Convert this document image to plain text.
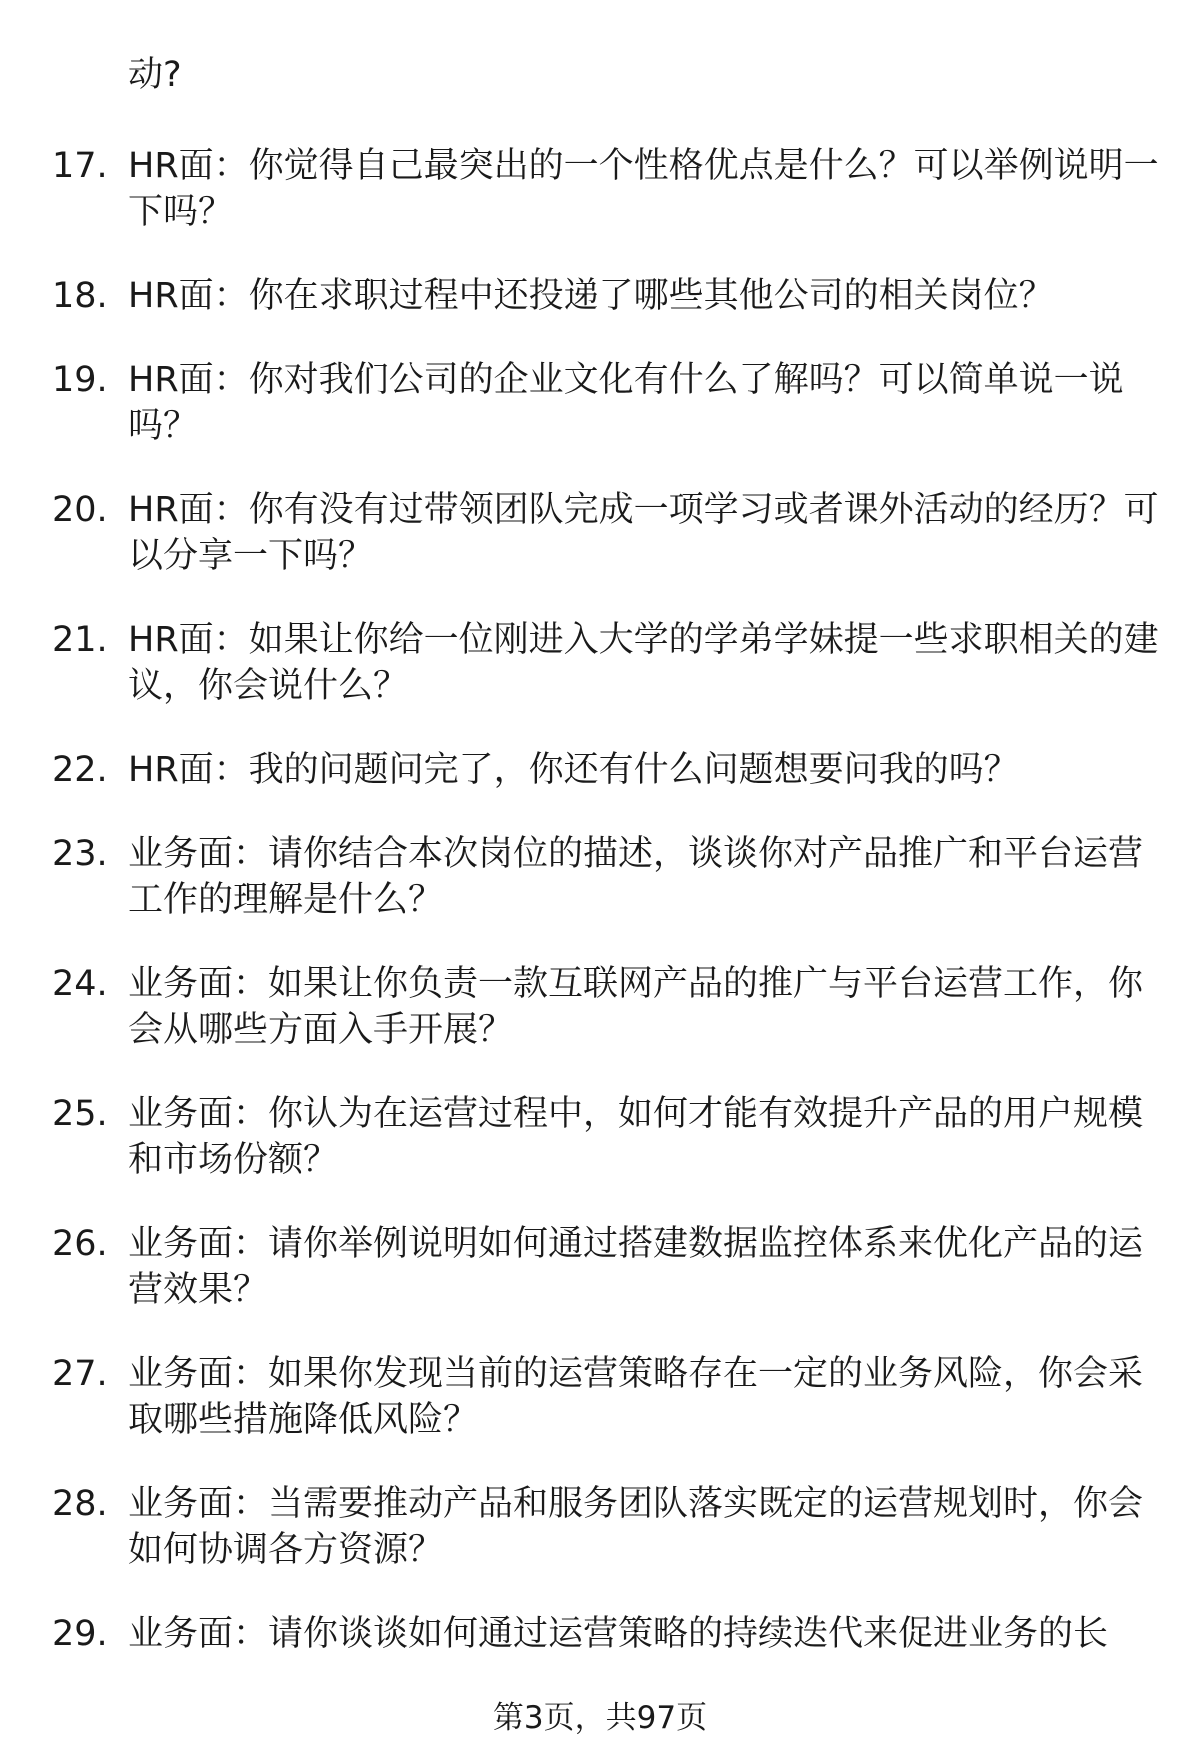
动?
17. HR面：你觉得自己最突出的一个性格优点是什么？可以举例说明一下吗？
18. HR面：你在求职过程中还投递了哪些其他公司的相关岗位？
19. HR面：你对我们公司的企业文化有什么了解吗？可以简单说一说吗？
20. HR面：你有没有过带领团队完成一项学习或者课外活动的经历？可以分享一下吗？
21. HR面：如果让你给一位刚进入大学的学弟学妹提一些求职相关的建议，你会说什么？
22. HR面：我的问题问完了，你还有什么问题想要问我的吗？
23. 业务面：请你结合本次岗位的描述，谈谈你对产品推广和平台运营工作的理解是什么？
24. 业务面：如果让你负责一款互联网产品的推广与平台运营工作，你会从哪些方面入手开展？
25. 业务面：你认为在运营过程中，如何才能有效提升产品的用户规模和市场份额？
26. 业务面：请你举例说明如何通过搭建数据监控体系来优化产品的运营效果？
27. 业务面：如果你发现当前的运营策略存在一定的业务风险，你会采取哪些措施降低风险？
28. 业务面：当需要推动产品和服务团队落实既定的运营规划时，你会如何协调各方资源？
29. 业务面：请你谈谈如何通过运营策略的持续迭代来促进业务的长
第3页，共97页
